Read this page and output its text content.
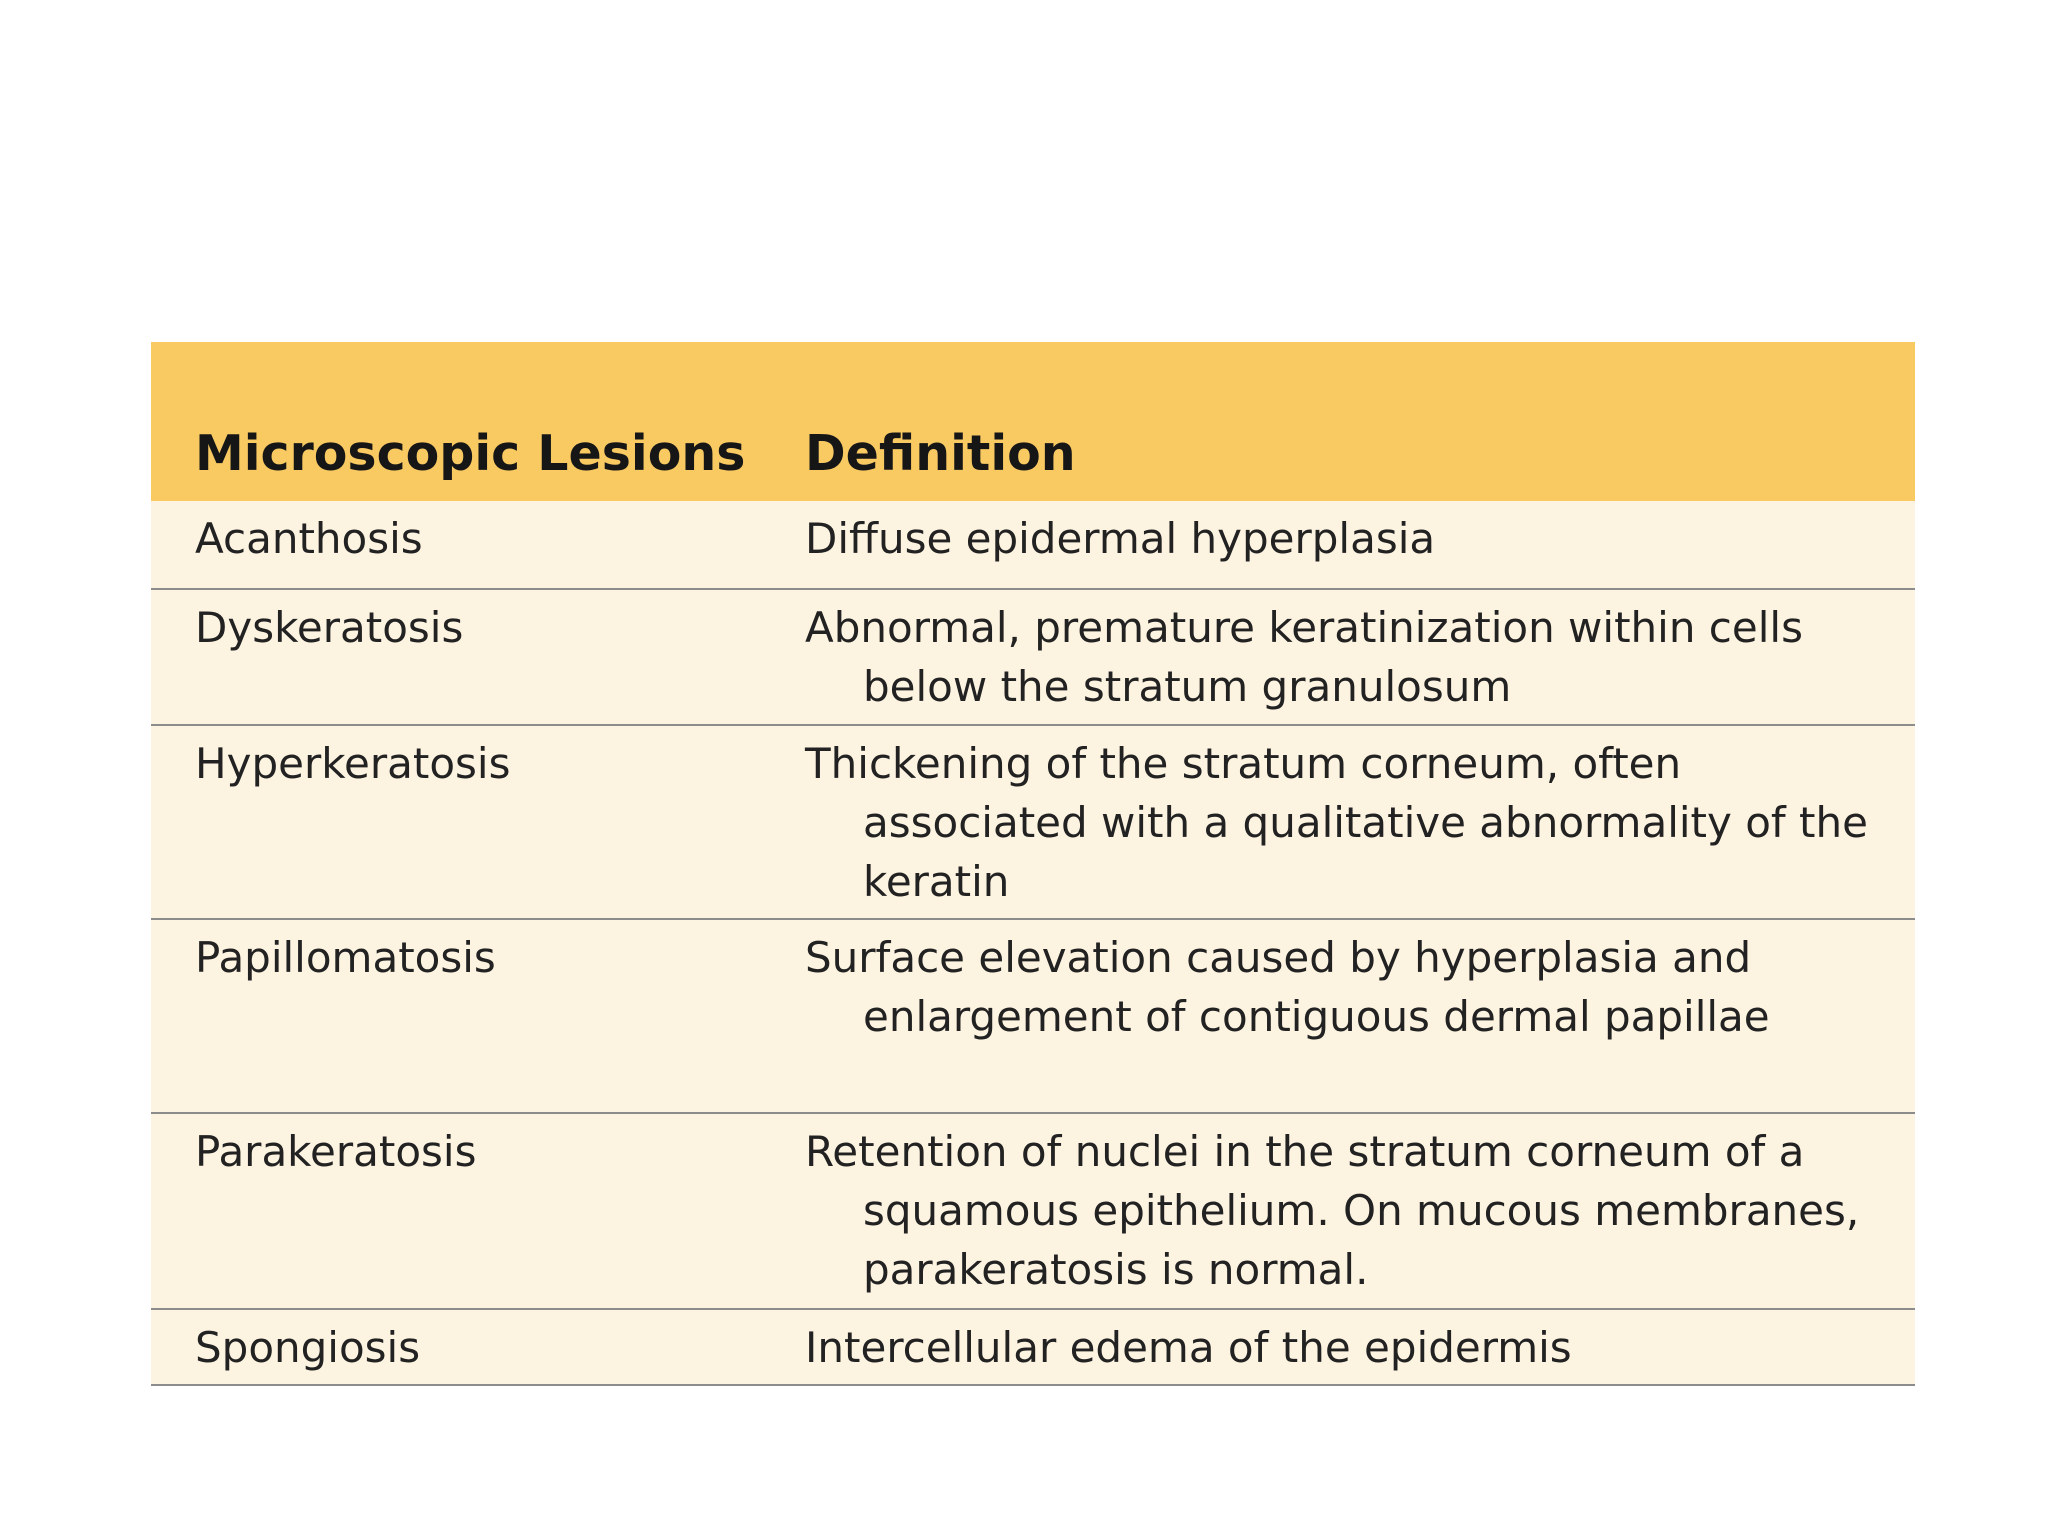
Microscopic Lesions	Definition
Acanthosis	Diffuse epidermal hyperplasia
Dyskeratosis	Abnormal, premature keratinization within cells below the stratum granulosum
Hyperkeratosis	Thickening of the stratum corneum, often associated with a qualitative abnormality of the keratin
Papillomatosis	Surface elevation caused by hyperplasia and enlargement of contiguous dermal papillae
Parakeratosis	Retention of nuclei in the stratum corneum of a squamous epithelium. On mucous membranes, parakeratosis is normal.
Spongiosis	Intercellular edema of the epidermis
